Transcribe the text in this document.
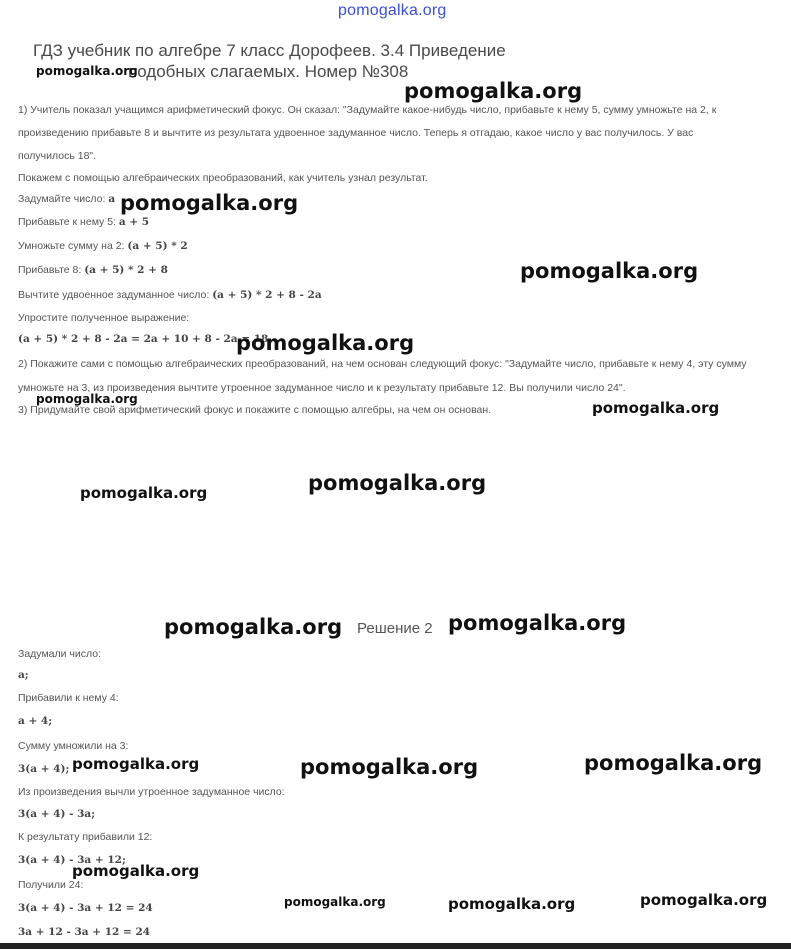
pomogalka.org
ГДЗ учебник по алгебре 7 класс Дорофеев. 3.4 Приведение
подобных слагаемых. Номер №308
1) Учитель показал учащимся арифметический фокус. Он сказал: "Задумайте какое-нибудь число, прибавьте к нему 5, сумму умножьте на 2, к
произведению прибавьте 8 и вычтите из результата удвоенное задуманное число. Теперь я отгадаю, какое число у вас получилось. У вас
получилось 18".
Покажем с помощью алгебраических преобразований, как учитель узнал результат.
Задумайте число: a
Прибавьте к нему 5: a + 5
Умножьте сумму на 2: (a + 5) * 2
Прибавьте 8: (a + 5) * 2 + 8
Вычтите удвоенное задуманное число: (a + 5) * 2 + 8 - 2a
Упростите полученное выражение:
(a + 5) * 2 + 8 - 2a = 2a + 10 + 8 - 2a = 18
2) Покажите сами с помощью алгебраических преобразований, на чем основан следующий фокус: "Задумайте число, прибавьте к нему 4, эту сумму
умножьте на 3, из произведения вычтите утроенное задуманное число и к результату прибавьте 12. Вы получили число 24".
3) Придумайте свой арифметический фокус и покажите с помощью алгебры, на чем он основан.
Решение 2
Задумали число:
a;
Прибавили к нему 4:
a + 4;
Сумму умножили на 3:
3(a + 4);
Из произведения вычли утроенное задуманное число:
3(a + 4) - 3a;
К результату прибавили 12:
3(a + 4) - 3a + 12;
Получили 24:
3(a + 4) - 3a + 12 = 24
3a + 12 - 3a + 12 = 24
pomogalka.org
pomogalka.org
pomogalka.org
pomogalka.org
pomogalka.org
pomogalka.org	pomogalka.org
pomogalka.org	pomogalka.org
pomogalka.org	pomogalka.org
pomogalka.org	pomogalka.org	pomogalka.org
pomogalka.org
pomogalka.org	pomogalka.org	pomogalka.org
